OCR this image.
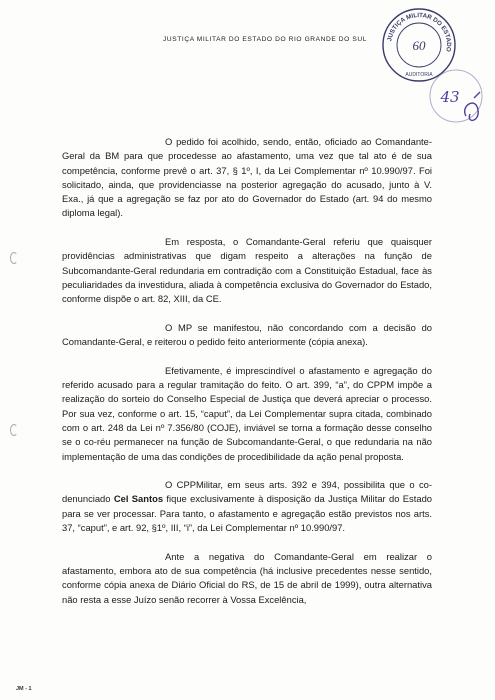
JUSTIÇA MILITAR DO ESTADO DO RIO GRANDE DO SUL	JUSTIÇA MILITAR DO ESTADO
60
AUDITORIA
43

O pedido foi acolhido, sendo, então, oficiado ao Comandante-Geral da BM para que procedesse ao afastamento, uma vez que tal ato é de sua competência, conforme prevê o art. 37, § 1º, I, da Lei Complementar nº 10.990/97. Foi solicitado, ainda, que providenciasse na posterior agregação do acusado, junto à V. Exa., já que a agregação se faz por ato do Governador do Estado (art. 94 do mesmo diploma legal).

Em resposta, o Comandante-Geral referiu que quaisquer providências administrativas que digam respeito a alterações na função de Subcomandante-Geral redundaria em contradição com a Constituição Estadual, face às peculiaridades da investidura, aliada à competência exclusiva do Governador do Estado, conforme dispõe o art. 82, XIII, da CE.

O MP se manifestou, não concordando com a decisão do Comandante-Geral, e reiterou o pedido feito anteriormente (cópia anexa).

Efetivamente, é imprescindível o afastamento e agregação do referido acusado para a regular tramitação do feito. O art. 399, “a”, do CPPM impõe a realização do sorteio do Conselho Especial de Justiça que deverá apreciar o processo. Por sua vez, conforme o art. 15, “caput”, da Lei Complementar supra citada, combinado com o art. 248 da Lei nº 7.356/80 (COJE), inviável se torna a formação desse conselho se o co-réu permanecer na função de Subcomandante-Geral, o que redundaria na não implementação de uma das condições de procedibilidade da ação penal proposta.

O CPPMilitar, em seus arts. 392 e 394, possibilita que o co-denunciado Cel Santos fique exclusivamente à disposição da Justiça Militar do Estado para se ver processar. Para tanto, o afastamento e agregação estão previstos nos arts. 37, “caput”, e art. 92, §1º, III, “i”, da Lei Complementar nº 10.990/97.

Ante a negativa do Comandante-Geral em realizar o afastamento, embora ato de sua competência (há inclusive precedentes nesse sentido, conforme cópia anexa de Diário Oficial do RS, de 15 de abril de 1999), outra alternativa não resta a esse Juízo senão recorrer à Vossa Excelência,

JM - 1
